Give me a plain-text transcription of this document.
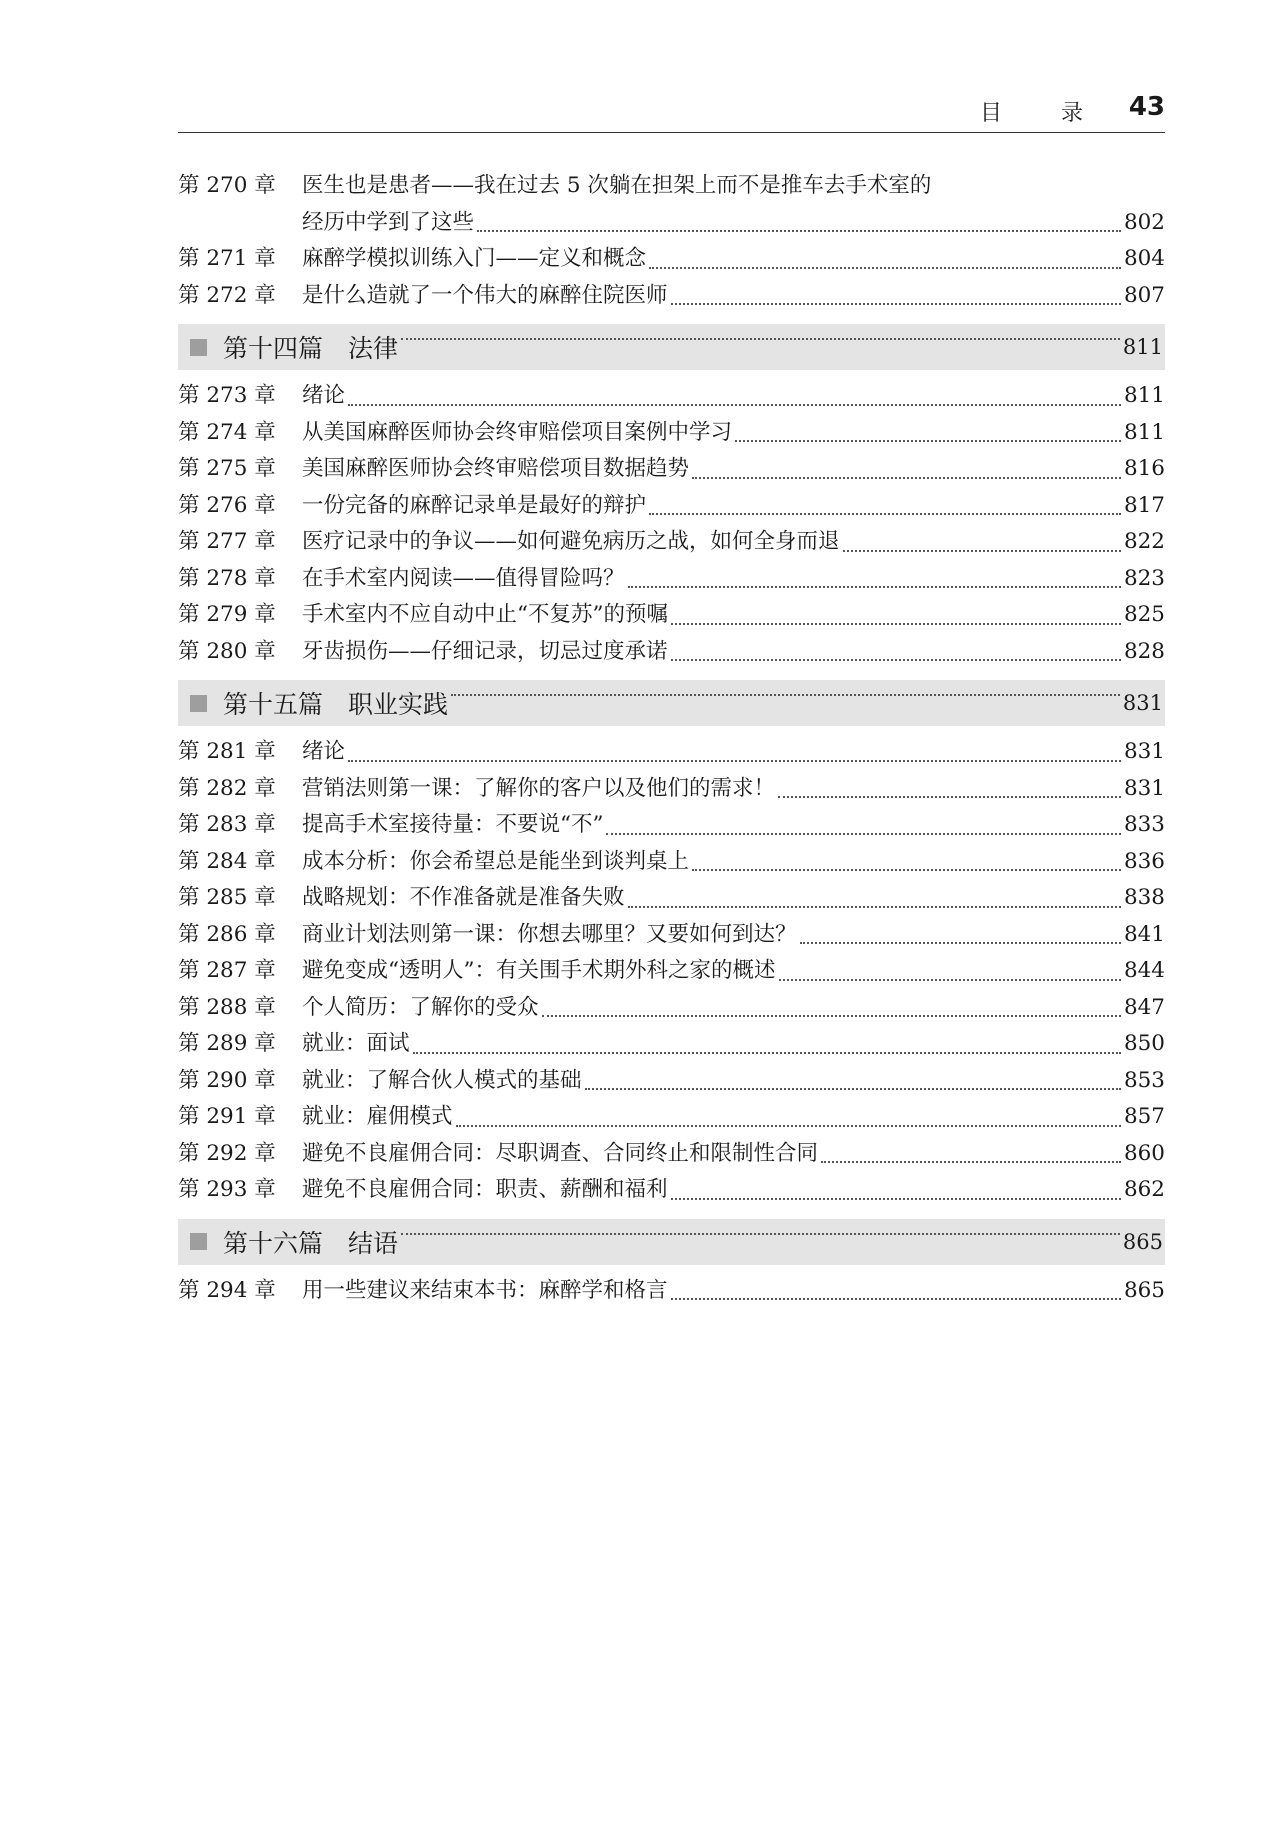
目 录 43
第 270 章	医生也是患者——我在过去 5 次躺在担架上而不是推车去手术室的
经历中学到了这些	802
第 271 章	麻醉学模拟训练入门——定义和概念	804
第 272 章	是什么造就了一个伟大的麻醉住院医师	807
第十四篇　法律	811
第 273 章	绪论	811
第 274 章	从美国麻醉医师协会终审赔偿项目案例中学习	811
第 275 章	美国麻醉医师协会终审赔偿项目数据趋势	816
第 276 章	一份完备的麻醉记录单是最好的辩护	817
第 277 章	医疗记录中的争议——如何避免病历之战，如何全身而退	822
第 278 章	在手术室内阅读——值得冒险吗？	823
第 279 章	手术室内不应自动中止“不复苏”的预嘱	825
第 280 章	牙齿损伤——仔细记录，切忌过度承诺	828
第十五篇　职业实践	831
第 281 章	绪论	831
第 282 章	营销法则第一课：了解你的客户以及他们的需求！	831
第 283 章	提高手术室接待量：不要说“不”	833
第 284 章	成本分析：你会希望总是能坐到谈判桌上	836
第 285 章	战略规划：不作准备就是准备失败	838
第 286 章	商业计划法则第一课：你想去哪里？又要如何到达？	841
第 287 章	避免变成“透明人”：有关围手术期外科之家的概述	844
第 288 章	个人简历：了解你的受众	847
第 289 章	就业：面试	850
第 290 章	就业：了解合伙人模式的基础	853
第 291 章	就业：雇佣模式	857
第 292 章	避免不良雇佣合同：尽职调查、合同终止和限制性合同	860
第 293 章	避免不良雇佣合同：职责、薪酬和福利	862
第十六篇　结语	865
第 294 章	用一些建议来结束本书：麻醉学和格言	865
